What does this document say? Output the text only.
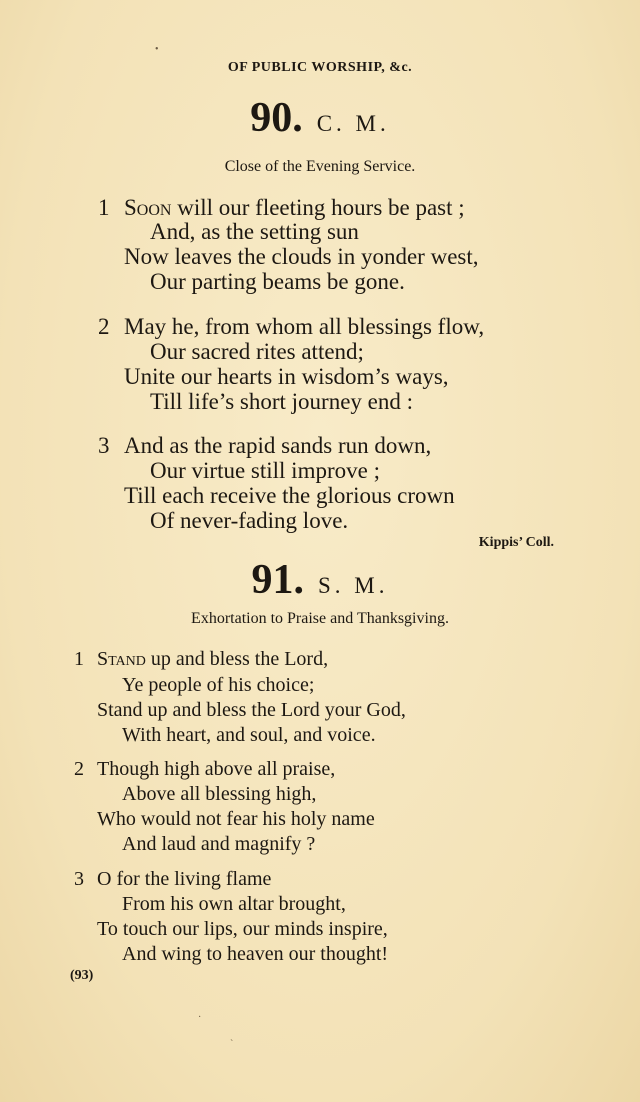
•
OF PUBLIC WORSHIP, &c.
90. C. M.
Close of the Evening Service.
1 Soon will our fleeting hours be past ;
And, as the setting sun
Now leaves the clouds in yonder west,
Our parting beams be gone.
2 May he, from whom all blessings flow,
Our sacred rites attend;
Unite our hearts in wisdom’s ways,
Till life’s short journey end :
3 And as the rapid sands run down,
Our virtue still improve ;
Till each receive the glorious crown
Of never-fading love.
Kippis’ Coll.
91. S. M.
Exhortation to Praise and Thanksgiving.
1 Stand up and bless the Lord,
Ye people of his choice;
Stand up and bless the Lord your God,
With heart, and soul, and voice.
2 Though high above all praise,
Above all blessing high,
Who would not fear his holy name
And laud and magnify ?
3 O for the living flame
From his own altar brought,
To touch our lips, our minds inspire,
And wing to heaven our thought!
(93)
·
˴
